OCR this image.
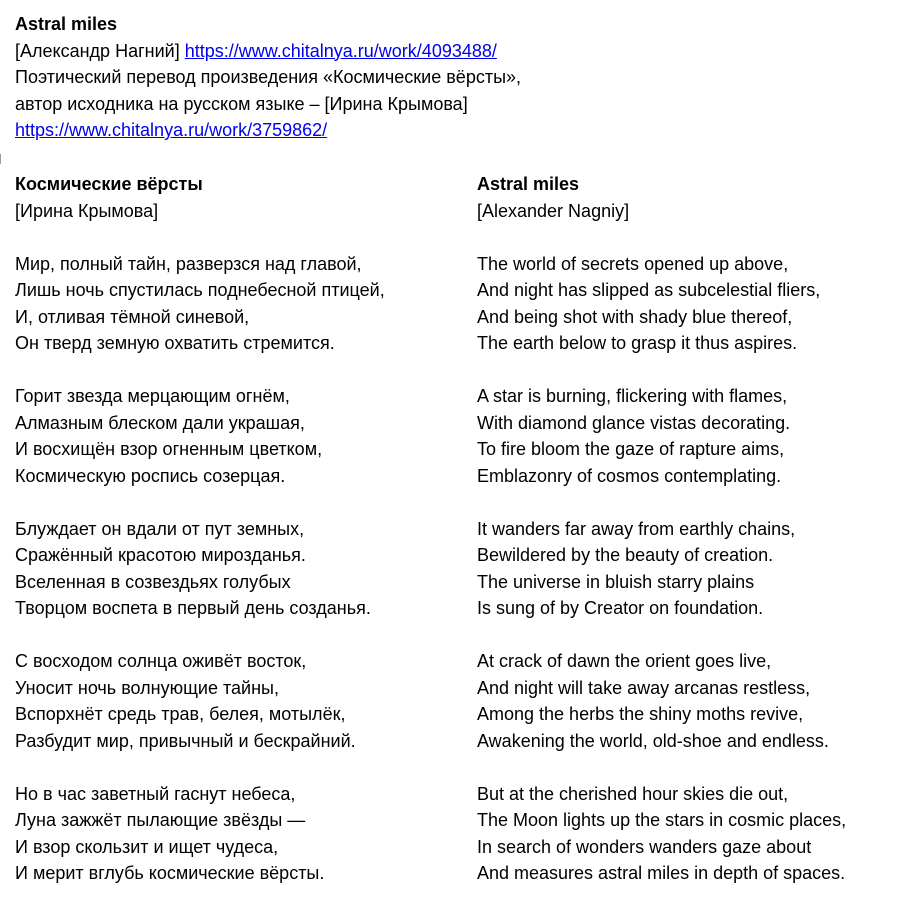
Astral miles
[Александр Нагний] https://www.chitalnya.ru/work/4093488/
Поэтический перевод произведения «Космические вёрсты»,
автор исходника на русском языке – [Ирина Крымова]
https://www.chitalnya.ru/work/3759862/
Космические вёрсты
[Ирина Крымова]
Мир, полный тайн, разверзся над главой,
Лишь ночь спустилась поднебесной птицей,
И, отливая тёмной синевой,
Он тверд земную охватить стремится.
Горит звезда мерцающим огнём,
Алмазным блеском дали украшая,
И восхищён взор огненным цветком,
Космическую роспись созерцая.
Блуждает он вдали от пут земных,
Сражённый красотою мирозданья.
Вселенная в созвездьях голубых
Творцом воспета в первый день созданья.
С восходом солнца оживёт восток,
Уносит ночь волнующие тайны,
Вспорхнёт средь трав, белея, мотылёк,
Разбудит мир, привычный и бескрайний.
Но в час заветный гаснут небеса,
Луна зажжёт пылающие звёзды —
И взор скользит и ищет чудеса,
И мерит вглубь космические вёрсты.
Astral miles
[Alexander Nagniy]
The world of secrets opened up above,
And night has slipped as subcelestial fliers,
And being shot with shady blue thereof,
The earth below to grasp it thus aspires.
A star is burning, flickering with flames,
With diamond glance vistas decorating.
To fire bloom the gaze of rapture aims,
Emblazonry of cosmos contemplating.
It wanders far away from earthly chains,
Bewildered by the beauty of creation.
The universe in bluish starry plains
Is sung of by Creator on foundation.
At crack of dawn the orient goes live,
And night will take away arcanas restless,
Among the herbs the shiny moths revive,
Awakening the world, old-shoe and endless.
But at the cherished hour skies die out,
The Moon lights up the stars in cosmic places,
In search of wonders wanders gaze about
And measures astral miles in depth of spaces.
